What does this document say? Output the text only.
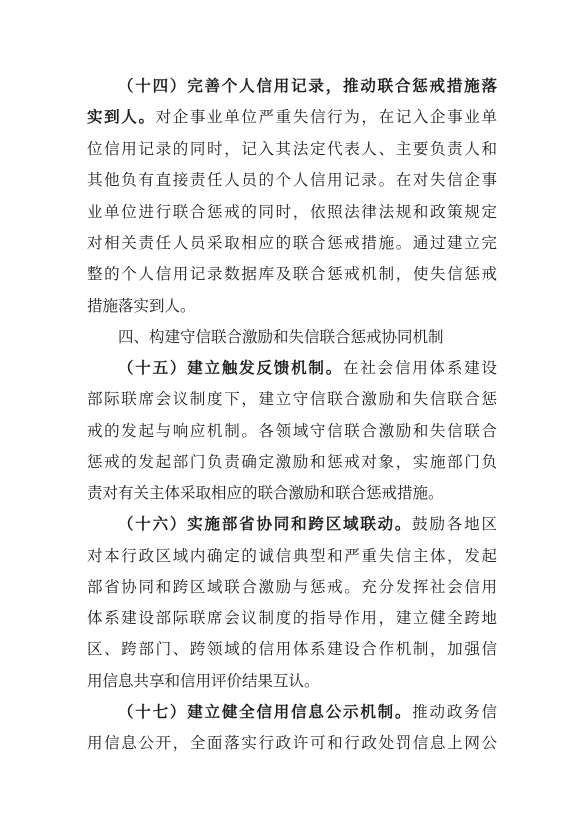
（十四）完善个人信用记录，推动联合惩戒措施落
实到人。对企事业单位严重失信行为，在记入企事业单
位信用记录的同时，记入其法定代表人、主要负责人和
其他负有直接责任人员的个人信用记录。在对失信企事
业单位进行联合惩戒的同时，依照法律法规和政策规定
对相关责任人员采取相应的联合惩戒措施。通过建立完
整的个人信用记录数据库及联合惩戒机制，使失信惩戒
措施落实到人。
四、构建守信联合激励和失信联合惩戒协同机制
（十五）建立触发反馈机制。在社会信用体系建设
部际联席会议制度下，建立守信联合激励和失信联合惩
戒的发起与响应机制。各领域守信联合激励和失信联合
惩戒的发起部门负责确定激励和惩戒对象，实施部门负
责对有关主体采取相应的联合激励和联合惩戒措施。
（十六）实施部省协同和跨区域联动。鼓励各地区
对本行政区域内确定的诚信典型和严重失信主体，发起
部省协同和跨区域联合激励与惩戒。充分发挥社会信用
体系建设部际联席会议制度的指导作用，建立健全跨地
区、跨部门、跨领域的信用体系建设合作机制，加强信
用信息共享和信用评价结果互认。
（十七）建立健全信用信息公示机制。推动政务信
用信息公开，全面落实行政许可和行政处罚信息上网公
